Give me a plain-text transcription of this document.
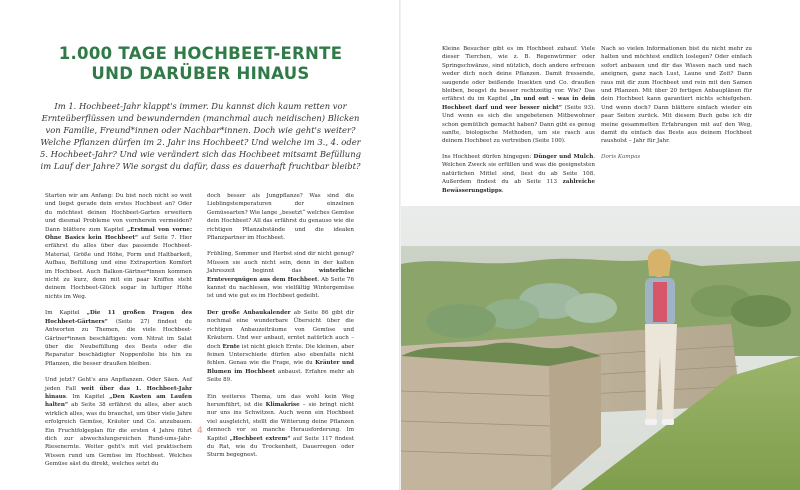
1.000 TAGE HOCHBEET-ERNTE
UND DARÜBER HINAUS

Im 1. Hochbeet-Jahr klappt's immer. Du kannst dich kaum retten vor Ernteüberflüssen und bewundernden (manchmal auch neidischen) Blicken von Familie, Freund*innen oder Nachbar*innen. Doch wie geht's weiter? Welche Pflanzen dürfen im 2. Jahr ins Hochbeet? Und welche im 3., 4. oder 5. Hochbeet-Jahr? Und wie verändert sich das Hochbeet mitsamt Befüllung im Lauf der Jahre? Wie sorgst du dafür, dass es dauerhaft fruchtbar bleibt?

Starten wir am Anfang: Du bist noch nicht so weit und liegst gerade dein erstes Hochbeet an? Oder du möchtest deinen Hochbeet-Garten erweitern und diesmal Probleme von vornherein vermeiden? Dann blättere zum Kapitel „Erstmal von vorne: Ohne Basics kein Hochbeet“ auf Seite 7. Hier erfährst du alles über das passende Hochbeet-Material, Größe und Höhe, Form und Haltbarkeit, Aufbau, Befüllung und eine Extraportion Komfort im Hochbeet. Auch Balkon-Gärtner*innen kommen nicht zu kurz, denn mit ein paar Kniffen steht deinem Hochbeet-Glück sogar in luftiger Höhe nichts im Weg.

Im Kapitel „Die 11 großen Fragen des Hochbeet-Gärtners“ (Seite 27) findest du Antworten zu Themen, die viele Hochbeet-Gärtner*innen beschäftigen: vom Nitrat im Salat über die Neubefüllung des Beets oder die Reparatur beschädigter Noppenfolie bis hin zu Pflanzen, die besser draußen bleiben.

Und jetzt? Geht's ans Anpflanzen. Oder Säen. Auf jeden Fall weit über das 1. Hochbeet-Jahr hinaus. Im Kapitel „Den Kasten am Laufen halten“ ab Seite 38 erfährst du alles, aber auch wirklich alles, was du brauchst, um über viele Jahre erfolgreich Gemüse, Kräuter und Co. anzubauen. Ein Fruchtfolgeplan für die ersten 4 Jahre führt dich zur abwechslungsreichen Rund-ums-Jahr-Riesenernte. Weiter geht's mit viel praktischem Wissen rund um Gemüse im Hochbeet. Welches Gemüse säst du direkt, welches setzt du

doch besser als Jungpflanze? Was sind die Lieblingstemperaturen der einzelnen Gemüsearten? Wie lange „besetzt“ welches Gemüse dein Hochbeet? All das erfährst du genauso wie die richtigen Pflanzabstände und die idealen Pflanzpartner im Hochbeet.

Frühling, Sommer und Herbst sind dir nicht genug? Müssen sie auch nicht sein, denn in der kalten Jahreszeit beginnt das winterliche Ernteverqnügen aus dem Hochbeet. Ab Seite 76 kannst du nachlesen, wie vielfältig Wintergemüse ist und wie gut es im Hochbeet gedeiht.

Der große Anbaukalender ab Seite 86 gibt dir nochmal eine wunderbare Übersicht über die richtigen Anbauzeiträume von Gemüse und Kräutern. Und wer anbaut, erntet natürlich auch – doch Ernte ist nicht gleich Ernte. Die kleinen, aber feinen Unterschiede dürfen also ebenfalls nicht fehlen. Genau wie die Frage, wie du Kräuter und Blumen im Hochbeet anbaust. Erfahre mehr ab Seite 89.

Ein weiteres Thema, um das wohl kein Weg herumführt, ist die Klimakrise – sie bringt nicht nur uns ins Schwitzen. Auch wenn ein Hochbeet viel ausgleicht, stellt die Witterung deine Pflanzen dennoch vor so manche Herausforderung. Im Kapitel „Hochbeet extrem“ auf Seite 117 findest du Rat, wie du Trockenheit, Dauerregen oder Sturm begegnest.

4

Kleine Besucher gibt es im Hochbeet zuhauf. Viele dieser Tierchen, wie z. B. Regenwürmer oder Springschwänze, sind nützlich, doch andere erfreuen weder dich noch deine Pflanzen. Damit fressende, saugende oder beißende Insekten und Co. draußen bleiben, beugst du besser rechtzeitig vor. Wie? Das erfährst du im Kapitel „In und out – was in dein Hochbeet darf und wer besser nicht“ (Seite 93). Und wenn es sich die ungebetenen Mitbewohner schon gemütlich gemacht haben? Dann gibt es genug sanfte, biologische Methoden, um sie rasch aus deinem Hochbeet zu vertreiben (Seite 100).

Ins Hochbeet dürfen hingegen: Dünger und Mulch. Welchen Zweck sie erfüllen und was die geeignetsten natürlichen Mittel sind, liest du ab Seite 108. Außerdem findest du ab Seite 113 zahlreiche Bewässerungstipps.

Nach so vielen Informationen bist du nicht mehr zu halten und möchtest endlich loslegen? Oder einfach sofort anbauen und dir das Wissen nach und nach aneignen, ganz nach Lust, Laune und Zeit? Dann raus mit dir zum Hochbeet und rein mit den Samen und Pflanzen. Mit über 20 fertigen Anbauplänen für dein Hochbeet kann garantiert nichts schiefgehen. Und wenn doch? Dann blättere einfach wieder ein paar Seiten zurück. Mit diesem Buch gebe ich dir meine gesammelten Erfahrungen mit auf den Weg, damit du einfach das Beste aus deinem Hochbeet rausholst – Jahr für Jahr.

Doris Kampas
